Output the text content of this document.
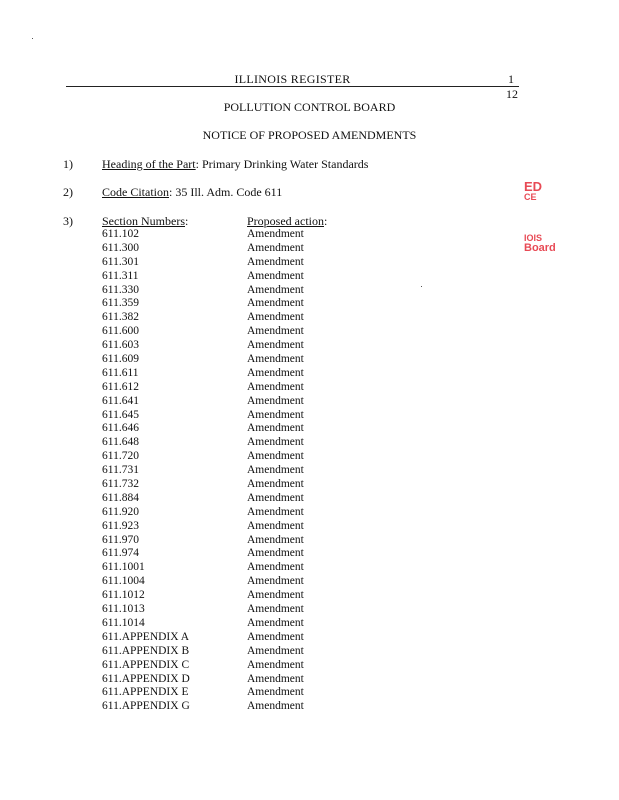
ILLINOIS REGISTER	1
12
POLLUTION CONTROL BOARD
NOTICE OF PROPOSED AMENDMENTS
1) Heading of the Part: Primary Drinking Water Standards
2) Code Citation: 35 Ill. Adm. Code 611
3) Section Numbers:	Proposed action:
611.102	Amendment
611.300	Amendment
611.301	Amendment
611.311	Amendment
611.330	Amendment
611.359	Amendment
611.382	Amendment
611.600	Amendment
611.603	Amendment
611.609	Amendment
611.611	Amendment
611.612	Amendment
611.641	Amendment
611.645	Amendment
611.646	Amendment
611.648	Amendment
611.720	Amendment
611.731	Amendment
611.732	Amendment
611.884	Amendment
611.920	Amendment
611.923	Amendment
611.970	Amendment
611.974	Amendment
611.1001	Amendment
611.1004	Amendment
611.1012	Amendment
611.1013	Amendment
611.1014	Amendment
611.APPENDIX A	Amendment
611.APPENDIX B	Amendment
611.APPENDIX C	Amendment
611.APPENDIX D	Amendment
611.APPENDIX E	Amendment
611.APPENDIX G	Amendment
ED
CE
IOIS
Board
